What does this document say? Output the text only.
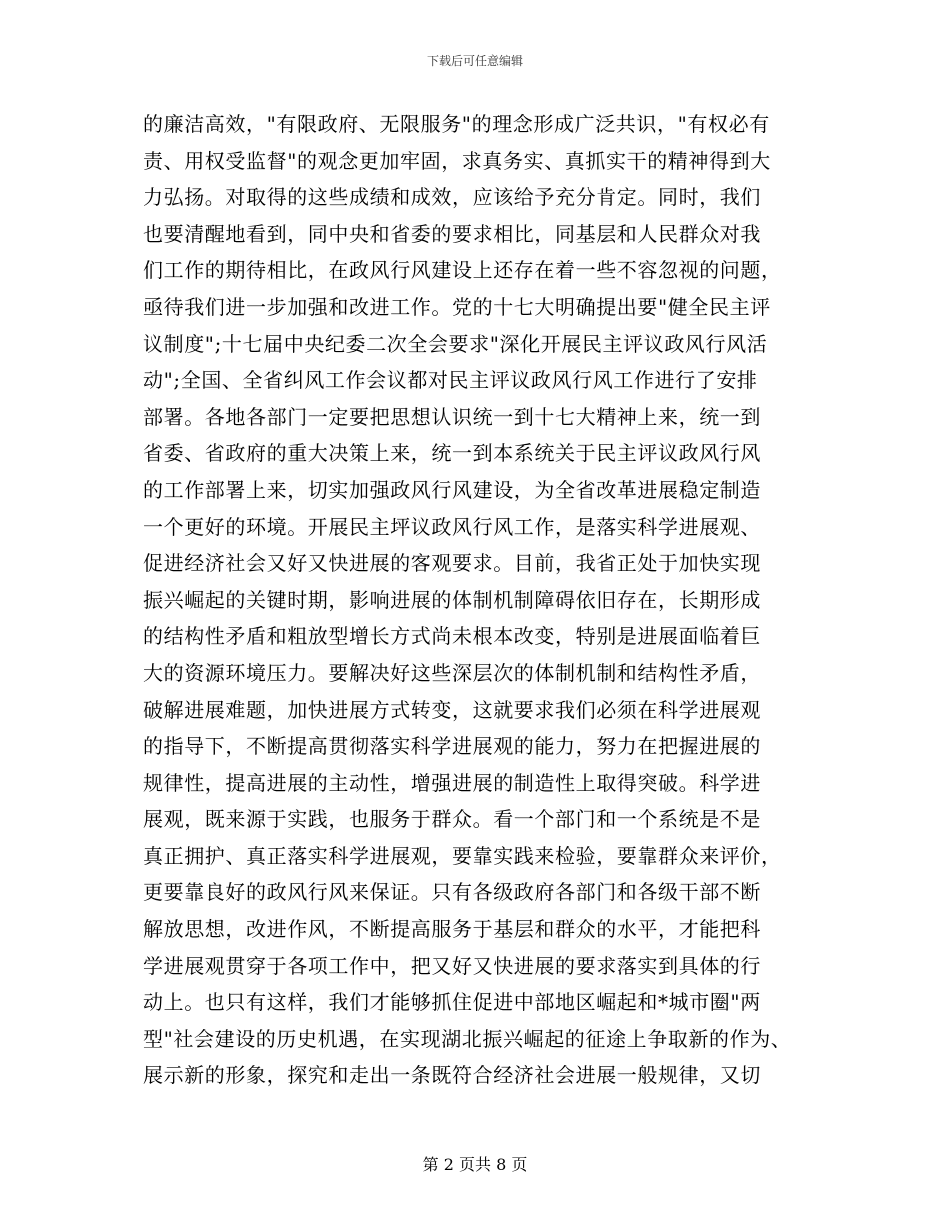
下载后可任意编辑
的廉洁高效，"有限政府、无限服务"的理念形成广泛共识，"有权必有
责、用权受监督"的观念更加牢固，求真务实、真抓实干的精神得到大
力弘扬。对取得的这些成绩和成效，应该给予充分肯定。同时，我们
也要清醒地看到，同中央和省委的要求相比，同基层和人民群众对我
们工作的期待相比，在政风行风建设上还存在着一些不容忽视的问题，
亟待我们进一步加强和改进工作。党的十七大明确提出要"健全民主评
议制度";十七届中央纪委二次全会要求"深化开展民主评议政风行风活
动";全国、全省纠风工作会议都对民主评议政风行风工作进行了安排
部署。各地各部门一定要把思想认识统一到十七大精神上来，统一到
省委、省政府的重大决策上来，统一到本系统关于民主评议政风行风
的工作部署上来，切实加强政风行风建设，为全省改革进展稳定制造
一个更好的环境。开展民主坪议政风行风工作，是落实科学进展观、
促进经济社会又好又快进展的客观要求。目前，我省正处于加快实现
振兴崛起的关键时期，影响进展的体制机制障碍依旧存在，长期形成
的结构性矛盾和粗放型增长方式尚未根本改变，特别是进展面临着巨
大的资源环境压力。要解决好这些深层次的体制机制和结构性矛盾，
破解进展难题，加快进展方式转变，这就要求我们必须在科学进展观
的指导下，不断提高贯彻落实科学进展观的能力，努力在把握进展的
规律性，提高进展的主动性，增强进展的制造性上取得突破。科学进
展观，既来源于实践，也服务于群众。看一个部门和一个系统是不是
真正拥护、真正落实科学进展观，要靠实践来检验，要靠群众来评价，
更要靠良好的政风行风来保证。只有各级政府各部门和各级干部不断
解放思想，改进作风，不断提高服务于基层和群众的水平，才能把科
学进展观贯穿于各项工作中，把又好又快进展的要求落实到具体的行
动上。也只有这样，我们才能够抓住促进中部地区崛起和*城市圈"两
型"社会建设的历史机遇，在实现湖北振兴崛起的征途上争取新的作为、
展示新的形象，探究和走出一条既符合经济社会进展一般规律，又切
第 2 页共 8 页
